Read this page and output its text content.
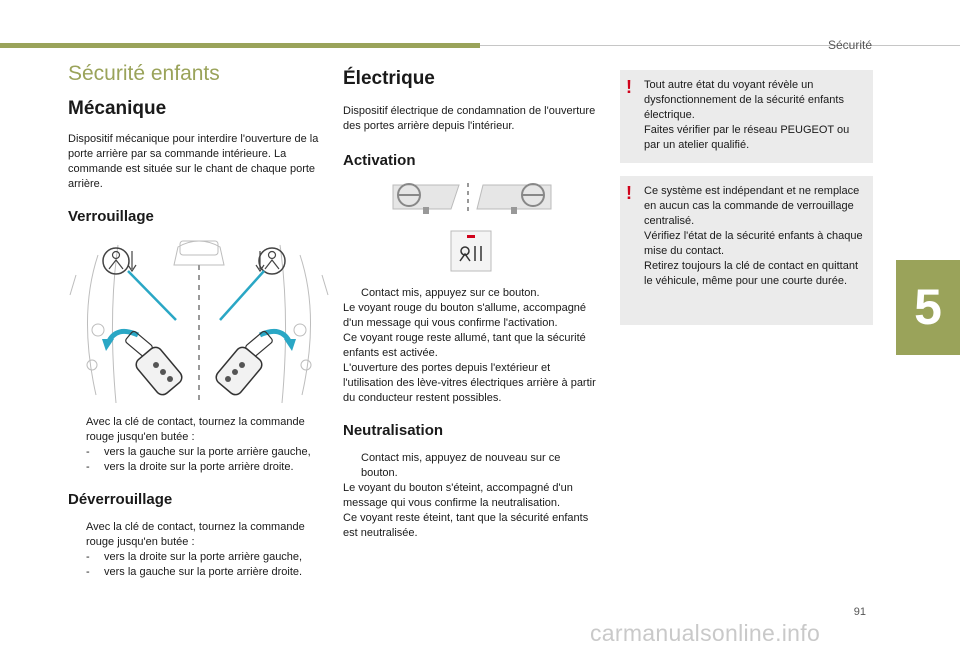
Sécurité
5
91
carmanualsonline.info
Sécurité enfants
Mécanique

Dispositif mécanique pour interdire l'ouverture de la porte arrière par sa commande intérieure. La commande est située sur le chant de chaque porte arrière.

Verrouillage
Avec la clé de contact, tournez la commande rouge jusqu'en butée :
- vers la gauche sur la porte arrière gauche,
- vers la droite sur la porte arrière droite.
Déverrouillage
Avec la clé de contact, tournez la commande rouge jusqu'en butée :
- vers la droite sur la porte arrière gauche,
- vers la gauche sur la porte arrière droite.
Électrique

Dispositif électrique de condamnation de l'ouverture des portes arrière depuis l'intérieur.

Activation
Contact mis, appuyez sur ce bouton.

Le voyant rouge du bouton s'allume, accompagné d'un message qui vous confirme l'activation.
Ce voyant rouge reste allumé, tant que la sécurité enfants est activée.
L'ouverture des portes depuis l'extérieur et l'utilisation des lève-vitres électriques arrière à partir du conducteur restent possibles.

Neutralisation
Contact mis, appuyez de nouveau sur ce bouton.

Le voyant du bouton s'éteint, accompagné d'un message qui vous confirme la neutralisation.
Ce voyant reste éteint, tant que la sécurité enfants est neutralisée.

! Tout autre état du voyant révèle un dysfonctionnement de la sécurité enfants électrique.
Faites vérifier par le réseau PEUGEOT ou par un atelier qualifié.
! Ce système est indépendant et ne remplace en aucun cas la commande de verrouillage centralisé.
Vérifiez l'état de la sécurité enfants à chaque mise du contact.
Retirez toujours la clé de contact en quittant le véhicule, même pour une courte durée.
